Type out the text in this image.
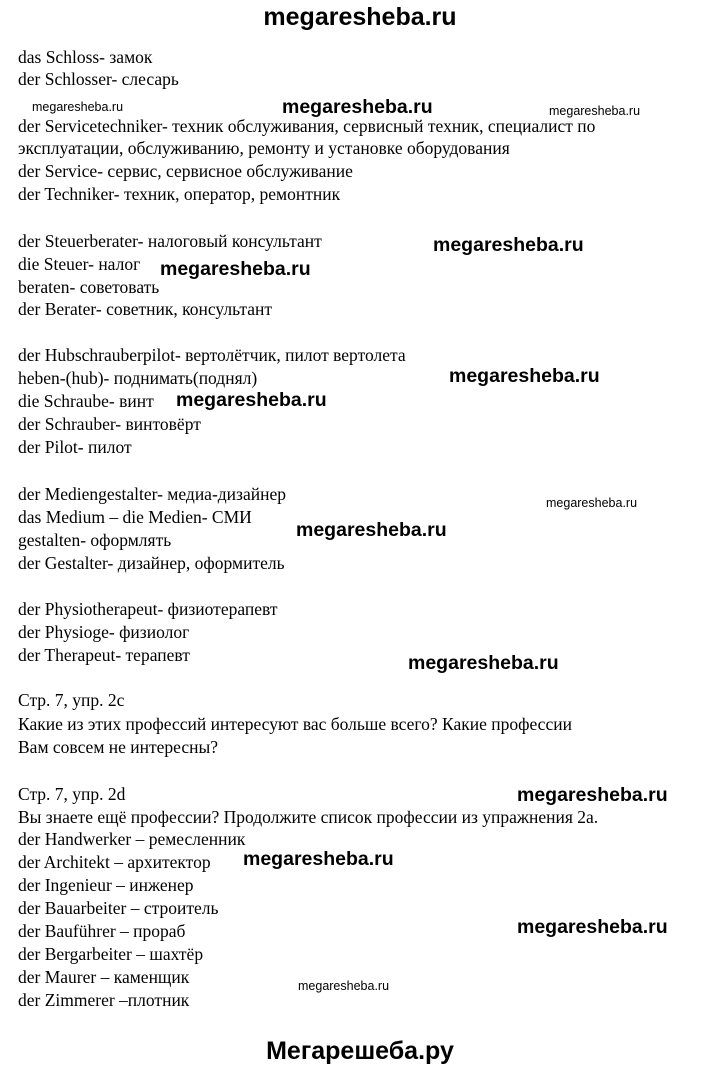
megaresheba.ru

das Schloss- замок

der Schlosser- слесарь

der Servicetechniker- техник обслуживания, сервисный техник, специалист по

эксплуатации, обслуживанию, ремонту и установке оборудования

der Service- сервис, сервисное обслуживание

der Techniker- техник, оператор, ремонтник

der Steuerberater- налоговый консультант

die Steuer- налог

beraten- советовать

der Berater- советник, консультант

der Hubschrauberpilot- вертолётчик, пилот вертолета

heben-(hub)- поднимать(поднял)

die Schraube- винт

der Schrauber- винтовёрт

der Pilot- пилот

der Mediengestalter- медиа-дизайнер

das Medium – die Medien- СМИ

gestalten- оформлять

der Gestalter- дизайнер, оформитель

der Physiotherapeut- физиотерапевт

der Physioge- физиолог

der Therapeut- терапевт

Стр. 7, упр. 2c

Какие из этих профессий интересуют вас больше всего? Какие профессии

Вам совсем не интересны?

Стр. 7, упр. 2d

Вы знаете ещё профессии? Продолжите список профессии из упражнения 2а.

der Handwerker – ремесленник

der Architekt – архитектор

der Ingenieur – инженер

der Bauarbeiter – строитель

der Bauführer – прораб

der Bergarbeiter – шахтёр

der Maurer – каменщик

der Zimmerer –плотник

megaresheba.ru	megaresheba.ru	megaresheba.ru
megaresheba.ru
megaresheba.ru
megaresheba.ru
megaresheba.ru
megaresheba.ru
megaresheba.ru
megaresheba.ru
megaresheba.ru
megaresheba.ru
megaresheba.ru
megaresheba.ru
Мегарешеба.ру
